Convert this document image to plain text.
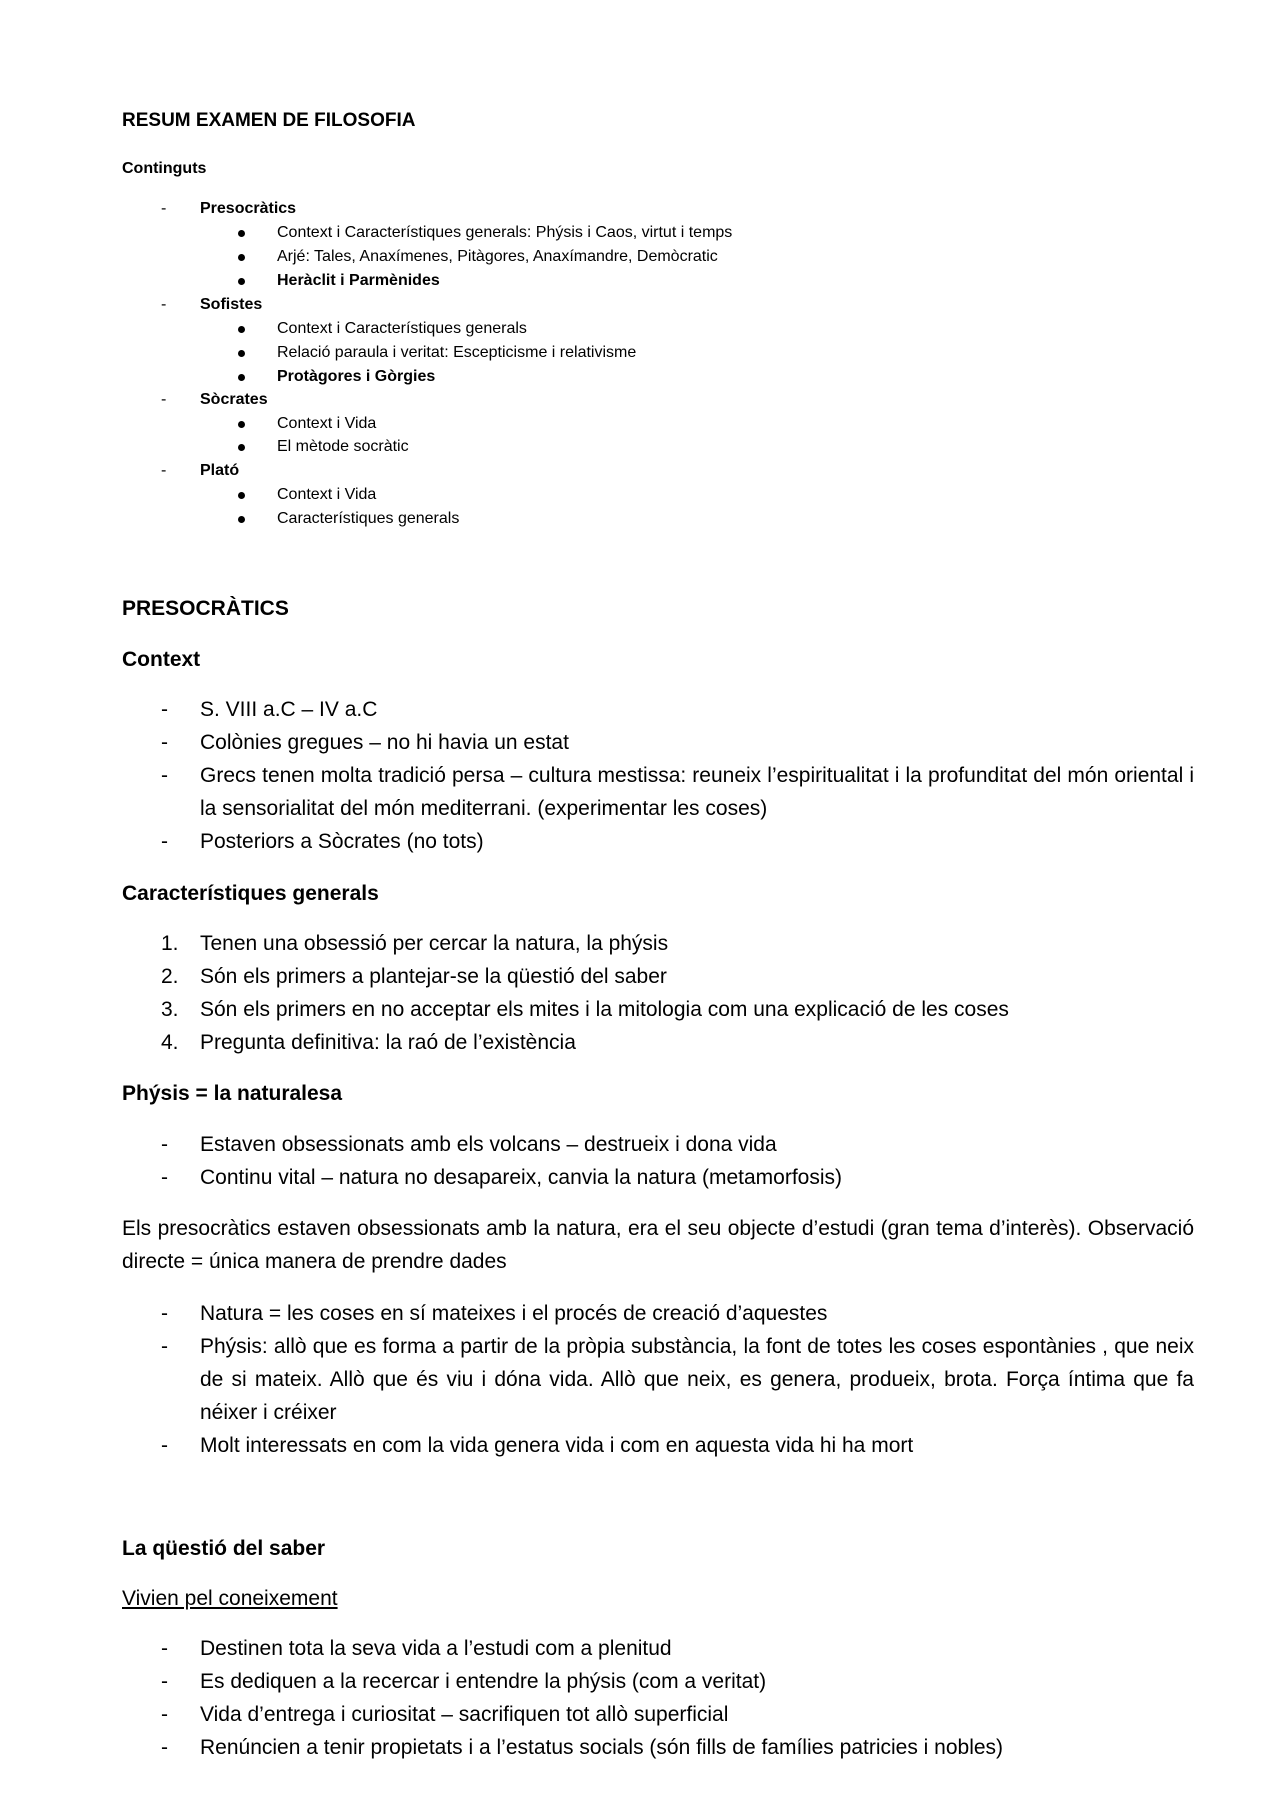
RESUM EXAMEN DE FILOSOFIA
Continguts
- Presocràtics
Context i Característiques generals: Phýsis i Caos, virtut i temps
Arjé: Tales, Anaxímenes, Pitàgores, Anaxímandre, Demòcratic
Heràclit i Parmènides
- Sofistes
Context i Característiques generals
Relació paraula i veritat: Escepticisme i relativisme
Protàgores i Gòrgies
- Sòcrates
Context i Vida
El mètode socràtic
- Plató
Context i Vida
Característiques generals
PRESOCRÀTICS
Context
- S. VIII a.C – IV a.C
- Colònies gregues – no hi havia un estat
- Grecs tenen molta tradició persa – cultura mestissa: reuneix l’espiritualitat i la profunditat del món oriental i la sensorialitat del món mediterrani. (experimentar les coses)
- Posteriors a Sòcrates (no tots)
Característiques generals
1. Tenen una obsessió per cercar la natura, la phýsis
2. Són els primers a plantejar-se la qüestió del saber
3. Són els primers en no acceptar els mites i la mitologia com una explicació de les coses
4. Pregunta definitiva: la raó de l’existència
Phýsis = la naturalesa
- Estaven obsessionats amb els volcans – destrueix i dona vida
- Continu vital – natura no desapareix, canvia la natura (metamorfosis)
Els presocràtics estaven obsessionats amb la natura, era el seu objecte d’estudi (gran tema d’interès). Observació directe = única manera de prendre dades
- Natura = les coses en sí mateixes i el procés de creació d’aquestes
- Phýsis: allò que es forma a partir de la pròpia substància, la font de totes les coses espontànies , que neix de si mateix. Allò que és viu i dóna vida. Allò que neix, es genera, produeix, brota. Força íntima que fa néixer i créixer
- Molt interessats en com la vida genera vida i com en aquesta vida hi ha mort
La qüestió del saber
Vivien pel coneixement
- Destinen tota la seva vida a l’estudi com a plenitud
- Es dediquen a la recercar i entendre la phýsis (com a veritat)
- Vida d’entrega i curiositat – sacrifiquen tot allò superficial
- Renúncien a tenir propietats i a l’estatus socials (són fills de famílies patricies i nobles)
